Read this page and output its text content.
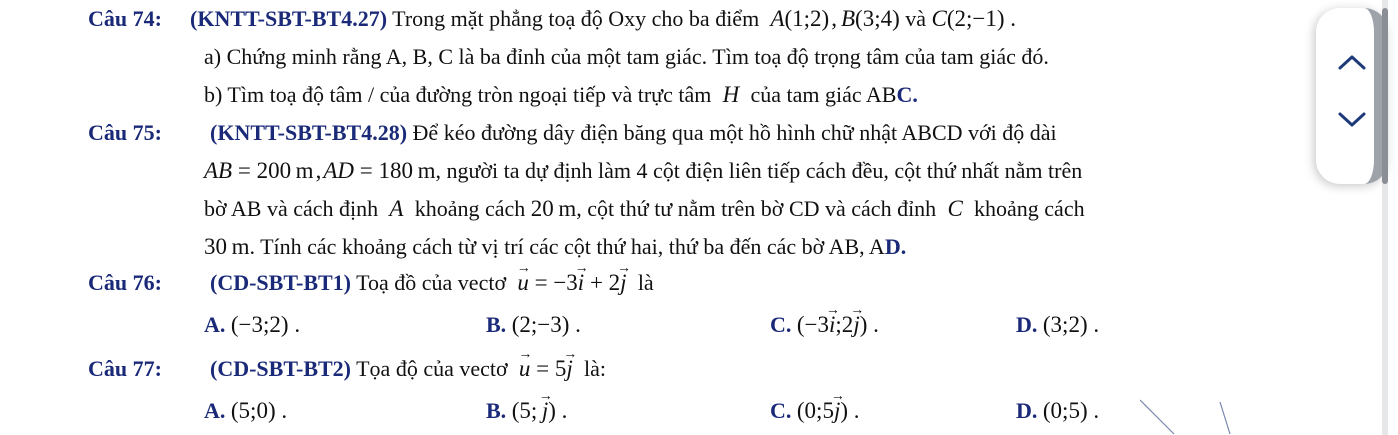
Câu 74: (KNTT-SBT-BT4.27) Trong mặt phẳng toạ độ Oxy cho ba điểm A(1;2), B(3;4) và C(2;−1) .
a) Chứng minh rằng A, B, C là ba đỉnh của một tam giác. Tìm toạ độ trọng tâm của tam giác đó.
b) Tìm toạ độ tâm / của đường tròn ngoại tiếp và trực tâm  H  của tam giác ABC.
Câu 75: (KNTT-SBT-BT4.28) Để kéo đường dây điện băng qua một hồ hình chữ nhật ABCD với độ dài
AB = 200 m,AD = 180 m, người ta dự định làm 4 cột điện liên tiếp cách đều, cột thứ nhất nằm trên
bờ AB và cách định  A  khoảng cách 20 m, cột thứ tư nằm trên bờ CD và cách đỉnh  C  khoảng cách
30 m. Tính các khoảng cách từ vị trí các cột thứ hai, thứ ba đến các bờ AB, AD.
Câu 76: (CD-SBT-BT1) Toạ đồ của vectơ → u = −3→ i + 2→ j là
A. (−3;2) .	B. (2;−3) .	C. (−3→ i;2→ j) .	D. (3;2) .
Câu 77: (CD-SBT-BT2) Tọa độ của vectơ → u = 5→ j là:
A. (5;0) .	B. (5; → j) .	C. (0;5→ j) .	D. (0;5) .
